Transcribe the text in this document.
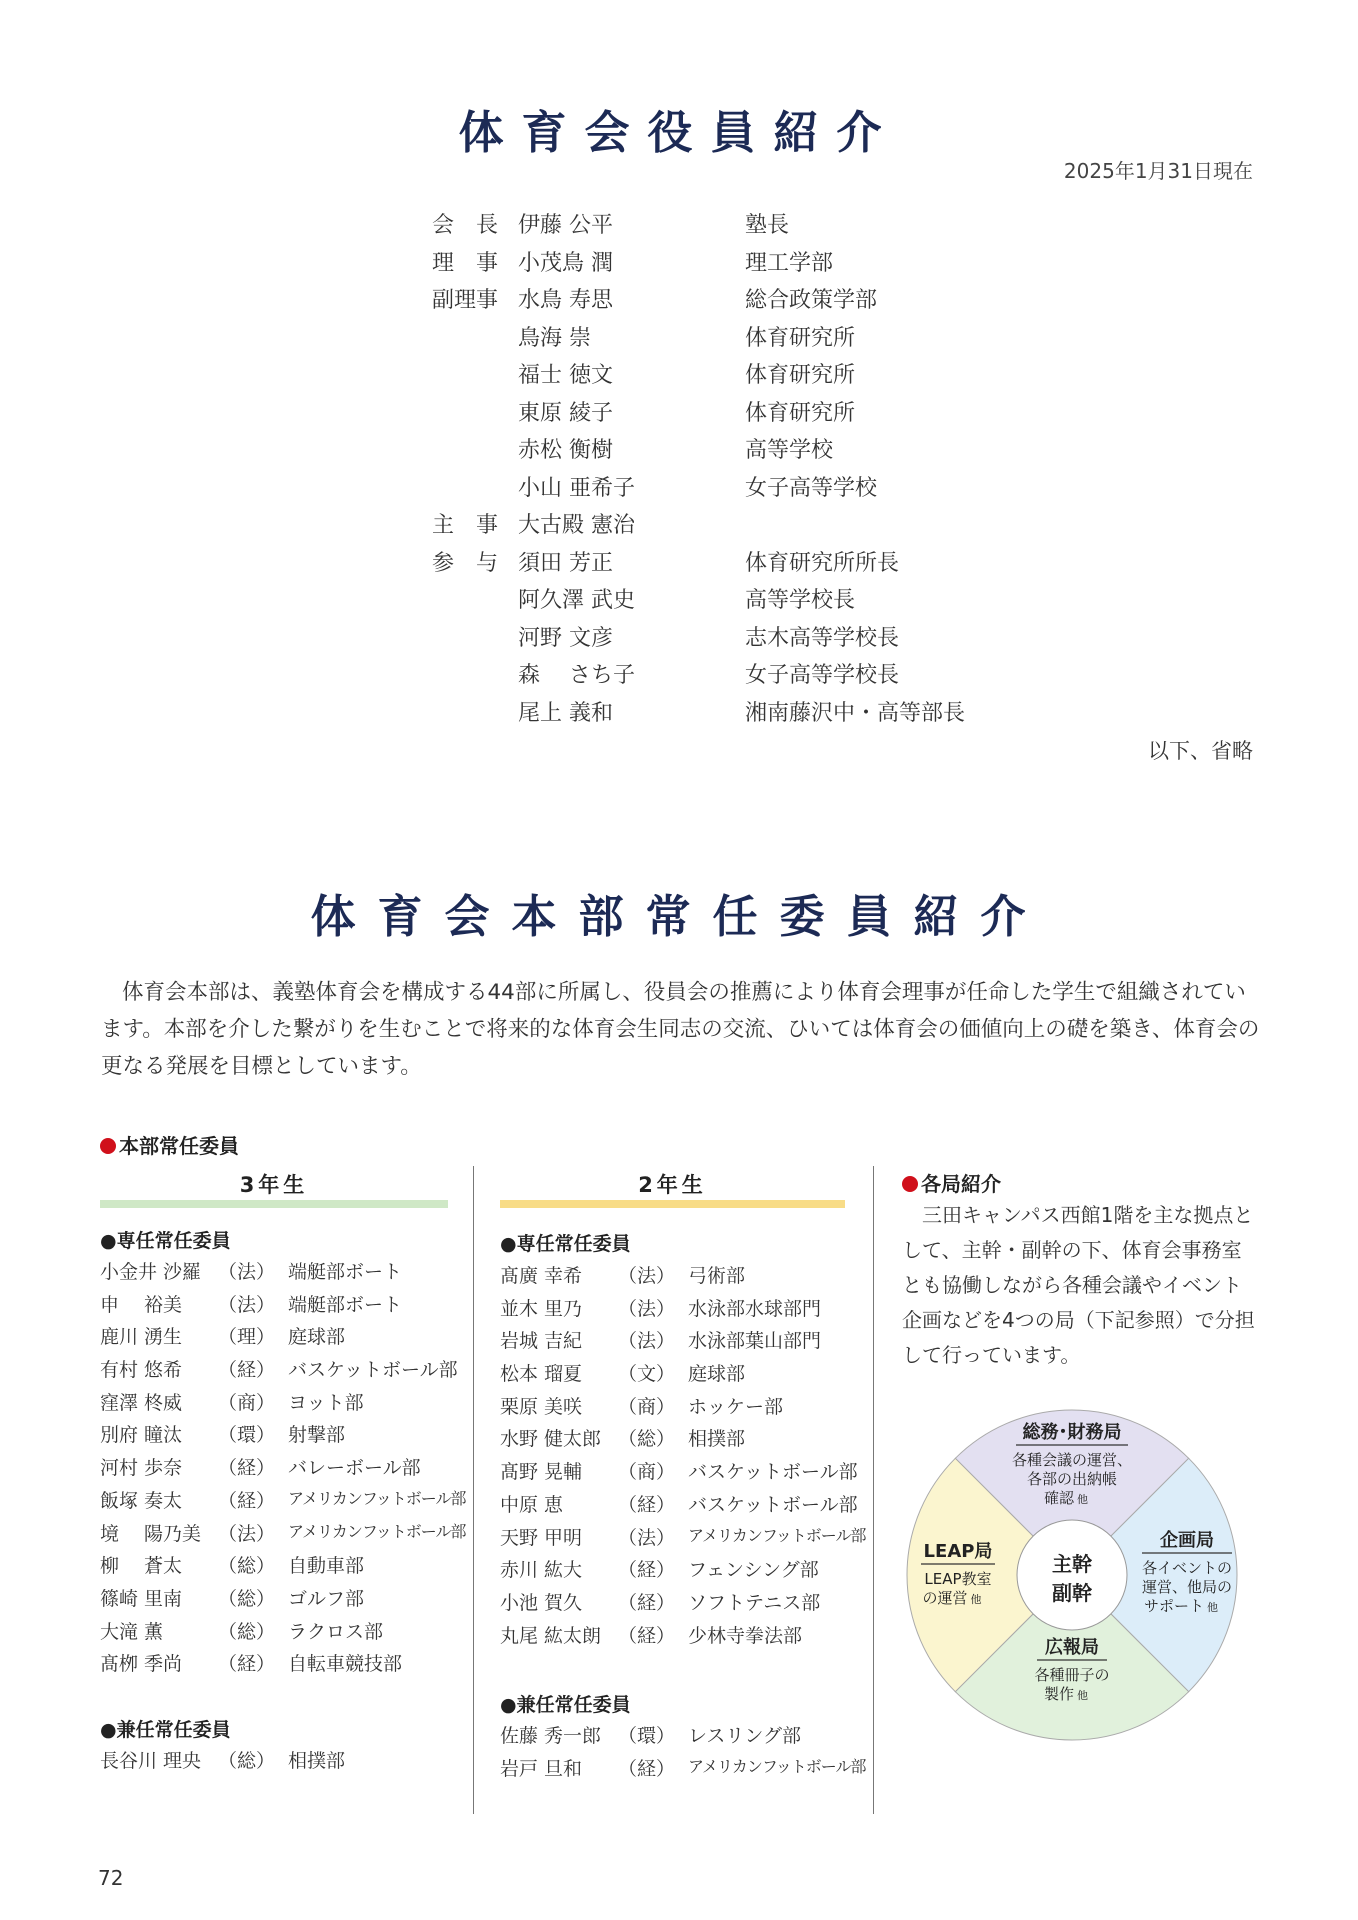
体育会役員紹介
2025年1月31日現在
会　長 伊藤 公平	塾長
理　事 小茂鳥 潤	理工学部
副理事 水鳥 寿思	総合政策学部
鳥海 崇	体育研究所
福士 徳文	体育研究所
東原 綾子	体育研究所
赤松 衡樹	高等学校
小山 亜希子	女子高等学校
主　事 大古殿 憲治
参　与 須田 芳正	体育研究所所長
阿久澤 武史	高等学校長
河野 文彦	志木高等学校長
森　 さち子	女子高等学校長
尾上 義和	湘南藤沢中・高等部長
以下、省略
体育会本部常任委員紹介

体育会本部は、義塾体育会を構成する44部に所属し、役員会の推薦により体育会理事が任命した学生で組織されています。本部を介した繋がりを生むことで将来的な体育会生同志の交流、ひいては体育会の価値向上の礎を築き、体育会の更なる発展を目標としています。

本部常任委員
3年生
●専任常任委員
小金井 沙羅 （法） 端艇部ボート
申　 裕美 （法） 端艇部ボート
鹿川 湧生 （理） 庭球部
有村 悠希 （経） バスケットボール部
窪澤 柊威 （商） ヨット部
別府 瞳汰 （環） 射撃部
河村 歩奈 （経） バレーボール部
飯塚 奏太 （経） アメリカンフットボール部
境　 陽乃美 （法） アメリカンフットボール部
柳　 蒼太 （総） 自動車部
篠崎 里南 （総） ゴルフ部
大滝 薫	（総） ラクロス部
髙栁 季尚 （経） 自転車競技部
●兼任常任委員
長谷川 理央 （総） 相撲部
2年生
●専任常任委員
髙廣 幸希 （法） 弓術部
並木 里乃 （法） 水泳部水球部門
岩城 吉紀 （法） 水泳部葉山部門
松本 瑠夏 （文） 庭球部
栗原 美咲 （商） ホッケー部
水野 健太郎 （総） 相撲部
髙野 晃輔 （商） バスケットボール部
中原 恵	（経） バスケットボール部
天野 甲明 （法） アメリカンフットボール部
赤川 紘大 （経） フェンシング部
小池 賀久 （経） ソフトテニス部
丸尾 紘太朗 （経） 少林寺拳法部
●兼任常任委員
佐藤 秀一郎 （環） レスリング部
岩戸 旦和 （経） アメリカンフットボール部
各局紹介

三田キャンパス西館1階を主な拠点として、主幹・副幹の下、体育会事務室とも協働しながら各種会議やイベント企画などを4つの局（下記参照）で分担して行っています。

主幹
副幹
総務･財務局
各種会議の運営、
各部の出納帳
確認 他
企画局
各イベントの
運営、他局の
サポート 他
広報局
各種冊子の
製作 他
LEAP局
LEAP教室
の運営 他
72
